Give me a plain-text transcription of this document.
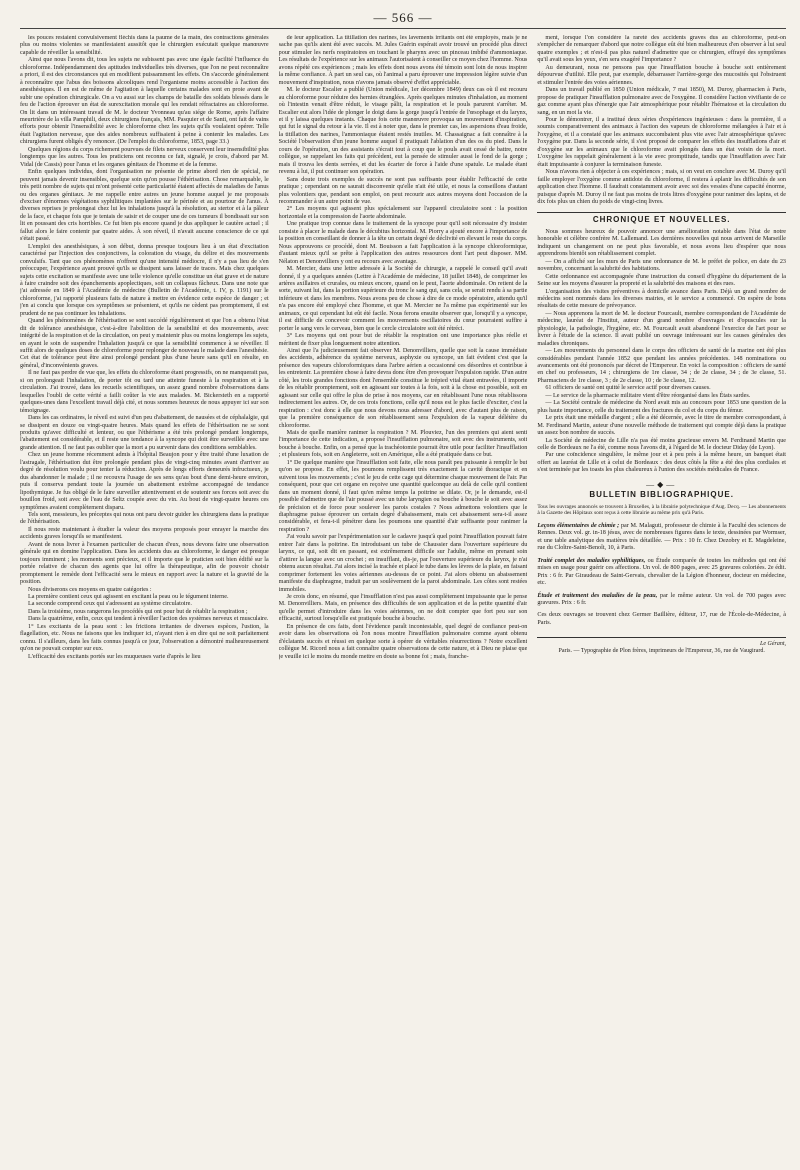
— 566 —

les pouces restaient convulsivement fléchis dans la paume de la main, des contractions générales plus ou moins violentes se manifestaient aussitôt que le chirurgien exécutait quelque manœuvre capable de réveiller la sensibilité.

Ainsi que nous l'avons dit, tous les sujets ne subissent pas avec une égale facilité l'influence du chloroforme. Indépendamment des aptitudes individuelles très diverses, que l'on ne peut reconnaître a priori, il est des circonstances qui en modifient puissamment les effets. On s'accorde généralement à reconnaître que l'abus des boissons alcooliques rend l'organisme moins accessible à l'action des anesthésiques. Il en est de même de l'agitation à laquelle certains malades sont en proie avant de subir une opération chirurgicale. On a vu aussi sur les champs de bataille des soldats blessés dans le feu de l'action éprouver un état de surexcitation morale qui les rendait réfractaires au chloroforme. On lit dans un intéressant travail de M. le docteur Yvonneau qu'au siége de Rome, après l'affaire meurtrière de la villa Pamphili, deux chirurgiens français, MM. Pasquier et de Santi, ont fait de vains efforts pour obtenir l'insensibilité avec le chloroforme chez les sujets qu'ils voulaient opérer. Telle était l'agitation nerveuse, que des aides nombreux suffisaient à peine à contenir les malades. Les chirurgiens furent obligés d'y renoncer. (De l'emploi du chloroforme, 1853, page 33.)

Quelques régions du corps richement pourvues de filets nerveux conservent leur insensibilité plus longtemps que les autres. Tous les praticiens ont reconnu ce fait, signalé, je crois, d'abord par M. Vidal (de Cassis) pour l'anus et les organes génitaux de l'homme et de la femme.

Enfin quelques individus, dont l'organisation ne présente de prime abord rien de spécial, ne peuvent jamais devenir insensibles, quelque soin qu'on pousse l'éthérisation. Chose remarquable, le très petit nombre de sujets qui m'ont présenté cette particularité étaient affectés de maladies de l'anus ou des organes génitaux. Je me rappelle entre autres un jeune homme auquel je me proposais d'exciser d'énormes végétations syphilitiques implantées sur le périnée et au pourtour de l'anus. À diverses reprises je prolongeai chez lui les inhalations jusqu'à la résolution, au stertor et à la pâleur de la face, et chaque fois que je tentais de saisir et de couper une de ces tumeurs il bondissait sur son lit en poussant des cris horribles. Ce fut bien pis encore quand je dus appliquer le cautère actuel ; il fallut alors le faire contenir par quatre aides. À son réveil, il n'avait aucune conscience de ce qui s'était passé.

L'emploi des anesthésiques, à son début, donna presque toujours lieu à un état d'excitation caractérisé par l'injection des conjonctives, la coloration du visage, du délire et des mouvements convulsifs. Tant que ces phénomènes n'offrent qu'une intensité médiocre, il n'y a pas lieu de s'en préoccuper, l'expérience ayant prouvé qu'ils se dissipent sans laisser de traces. Mais chez quelques sujets cette excitation se manifeste avec une telle violence qu'elle constitue un état grave et de nature à faire craindre soit des épanchements apoplectiques, soit un collapsus fâcheux. Dans une note que j'ai adressée en 1849 à l'Académie de médecine (Bulletin de l'Académie, t. IV, p. 1191) sur le chloroforme, j'ai rapporté plusieurs faits de nature à mettre en évidence cette espèce de danger ; et j'en ai conclu que lorsque ces symptômes se présentent, et qu'ils ne cèdent pas promptement, il est prudent de ne pas continuer les inhalations.

Quand les phénomènes de l'éthérisation se sont succédé régulièrement et que l'on a obtenu l'état dit de tolérance anesthésique, c'est-à-dire l'abolition de la sensibilité et des mouvements, avec intégrité de la respiration et de la circulation, on peut y maintenir plus ou moins longtemps les sujets, en ayant le soin de suspendre l'inhalation jusqu'à ce que la sensibilité commence à se réveiller. Il suffit alors de quelques doses de chloroforme pour replonger de nouveau le malade dans l'anesthésie. Cet état de tolérance peut être ainsi prolongé pendant plus d'une heure sans qu'il en résulte, en général, d'inconvénients graves.

Il ne faut pas perdre de vue que, les effets du chloroforme étant progressifs, on ne manquerait pas, si on prolongeait l'inhalation, de porter tôt ou tard une atteinte funeste à la respiration et à la circulation. J'ai trouvé, dans les recueils scientifiques, un assez grand nombre d'observations dans lesquelles l'oubli de cette vérité a failli coûter la vie aux malades. M. Bickersteth en a rapporté quelques-unes dans l'excellent travail déjà cité, et nous sommes heureux de nous appuyer ici sur son témoignage.

Dans les cas ordinaires, le réveil est suivi d'un peu d'abattement, de nausées et de céphalalgie, qui se dissipent en douze ou vingt-quatre heures. Mais quand les effets de l'éthérisation ne se sont produits qu'avec difficulté et lenteur, ou que l'éthérisme a été très prolongé pendant longtemps, l'abattement est considérable, et il reste une tendance à la syncope qui doit être surveillée avec une grande attention. Il ne faut pas oublier que la mort a pu survenir dans des conditions semblables.

Chez un jeune homme récemment admis à l'hôpital Beaujon pour y être traité d'une luxation de l'astragale, l'éthérisation dut être prolongée pendant plus de vingt-cinq minutes avant d'arriver au degré de résolution voulu pour tenter la réduction. Après de longs efforts demeurés infructueux, je dus abandonner le malade ; il ne recouvra l'usage de ses sens qu'au bout d'une demi-heure environ, puis il conserva pendant toute la journée un abattement extrême accompagné de tendance lipothymique. Je fus obligé de le faire surveiller attentivement et de soutenir ses forces soit avec du bouillon froid, soit avec de l'eau de Seltz coupée avec du vin. Au bout de vingt-quatre heures ces symptômes avaient complètement disparu.

Tels sont, messieurs, les préceptes qui nous ont paru devoir guider les chirurgiens dans la pratique de l'éthérisation.

Il nous reste maintenant à étudier la valeur des moyens proposés pour enrayer la marche des accidents graves lorsqu'ils se manifestent.

Avant de nous livrer à l'examen particulier de chacun d'eux, nous devons faire une observation générale qui en domine l'application. Dans les accidents dus au chloroforme, le danger est presque toujours imminent ; les moments sont précieux, et il importe que le praticien soit bien édifié sur la portée relative de chacun des agents que lui offre la thérapeutique, afin de pouvoir choisir promptement le remède dont l'efficacité sera le mieux en rapport avec la nature et la gravité de la position.

Nous diviserons ces moyens en quatre catégories :

La première contient ceux qui agissent en excitant la peau ou le tégument interne.

La seconde comprend ceux qui s'adressent au système circulatoire.

Dans la troisième, nous rangerons les procédés qui ont pour but de rétablir la respiration ;

Dans la quatrième, enfin, ceux qui tendent à réveiller l'action des systèmes nerveux et musculaire.

1° Les excitants de la peau sont : les frictions irritantes de diverses espèces, l'ustion, la flagellation, etc. Nous ne faisons que les indiquer ici, n'ayant rien à en dire qui ne soit parfaitement connu. Il s'ailleurs, dans les faits connus jusqu'à ce jour, l'observation a démontré malheureusement qu'on ne pouvait compter sur eux.

L'efficacité des excitants portés sur les muqueuses varie d'après le lieu

de leur application. La titillation des narines, les lavements irritants ont été employés, mais je ne sache pas qu'ils aient été avec succès. M. Jules Guérin espérait avoir trouvé un procédé plus direct pour stimuler les nerfs respiratoires en touchant le pharynx avec un pinceau imbibé d'ammoniaque. Les résultats de l'expérience sur les animaux l'autorisaient à conseiller ce moyen chez l'homme. Nous avons répété ces expériences ; mais les effets dont nous avons été témoin sont loin de nous inspirer la même confiance. À part un seul cas, où l'animal a paru éprouver une impression légère suivie d'un mouvement d'inspiration, nous n'avons jamais observé d'effet appréciable.

M. le docteur Escalier a publié (Union médicale, 1er décembre 1849) deux cas où il est recouru au chloroforme pour réduire des hernies étranglées. Après quelques minutes d'inhalation, au moment où l'intestin venait d'être réduit, le visage pâlit, la respiration et le pouls parurent s'arrêter. M. Escalier eut alors l'idée de plonger le doigt dans la gorge jusqu'à l'entrée de l'œsophage et du larynx, et il y laissa quelques instants. Chaque fois cette manœuvre provoqua un mouvement d'inspiration, qui fut le signal du retour à la vie. Il est à noter que, dans le premier cas, les aspersions d'eau froide, la titillation des narines, l'ammoniaque étaient restés inutiles. M. Chassaignac a fait connaître à la Société l'observation d'un jeune homme auquel il pratiquait l'ablation d'un des os du pied. Dans le cours de l'opération, un des assistants s'écrait tout à coup que le pouls avait cessé de battre, notre collègue, se rappelant les faits qui précèdent, eut la pensée de stimuler aussi le fond de la gorge ; mais il trouva les dents serrées, et dut les écarter de force à l'aide d'une spatule. Le malade étant revenu à lui, il put continuer son opération.

Sans doute trois exemples de succès ne sont pas suffisants pour établir l'efficacité de cette pratique ; cependant on ne saurait disconvenir qu'elle n'ait été utile, et nous la conseillons d'autant plus volontiers que, pendant son emploi, on peut recourir aux autres moyens dont l'occasion de la recommander à un autre point de vue.

2° Les moyens qui agissent plus spécialement sur l'appareil circulatoire sont : la position horizontale et la compression de l'aorte abdominale.

Une pratique trop connue dans le traitement de la syncope pour qu'il soit nécessaire d'y insister consiste à placer le malade dans le décubitus horizontal. M. Piorry a ajouté encore à l'importance de la position en conseillant de donner à la tête un certain degré de déclivité en élevant le reste du corps. Nous approuvons ce procédé, dont M. Bouisson a fait l'application à la syncope chloroformique, d'autant mieux qu'il se prête à l'application des autres ressources dont l'art peut disposer. MM. Nélaton et Denonvilliers y ont eu recours avec avantage.

M. Mercier, dans une lettre adressée à la Société de chirurgie, a rappelé le conseil qu'il avait donné, il y a quelques années (Lettre à l'Académie de médecine, 18 juillet 1848), de comprimer les artères axillaires et crurales, ou mieux encore, quand on le peut, l'aorte abdominale. On retient de la sorte, suivant lui, dans la portion supérieure du tronc le sang qui, sans cela, se serait rendu à sa partie inférieure et dans les membres. Nous avons peu de chose à dire de ce mode opératoire, attendu qu'il n'a pas encore été employé chez l'homme, et que M. Mercier ne l'a même pas expérimenté sur les animaux, ce qui cependant lui eût été facile. Nous ferons ensuite observer que, lorsqu'il y a syncope, il est difficile de concevoir comment les mouvements oscillatoires du cœur pourraient suffire à porter le sang vers le cerveau, bien que le cercle circulatoire soit été rétréci.

3° Les moyens qui ont pour but de rétablir la respiration ont une importance plus réelle et méritent de fixer plus longuement notre attention.

Ainsi que l'a judicieusement fait observer M. Denonvilliers, quelle que soit la cause immédiate des accidents, adhérence du système nerveux, asphyxie ou syncope, un fait évident c'est que la présence des vapeurs chloroformiques dans l'arbre aérien a occasionné ces désordres et contribue à les entretenir. La première chose à faire devra donc être d'en provoquer l'expulsion rapide. D'un autre côté, les trois grandes fonctions dont l'ensemble constitue le trépied vital étant entravées, il importe de les rétablir promptement, soit en agissant sur toutes à la fois, soit à la chose est possible, soit en agissant sur celle qui offre le plus de prise à nos moyens, car en rétablissant l'une nous rétablissons indirectement les autres. Or, de ces trois fonctions, celle qu'il nous est le plus facile d'exciter, c'est la respiration : c'est donc à elle que nous devons nous adresser d'abord, avec d'autant plus de raison, que la première conséquence de son rétablissement sera l'expulsion de la vapeur délétère du chloroforme.

Mais de quelle manière ranimer la respiration ? M. Plouviez, l'un des premiers qui aient senti l'importance de cette indication, a proposé l'insufflation pulmonaire, soit avec des instruments, soit bouche à bouche. Enfin, on a pensé que la trachéotomie pourrait être utile pour faciliter l'insufflation ; et plusieurs fois, soit en Angleterre, soit en Amérique, elle a été pratiquée dans ce but.

1° De quelque manière que l'insufflation soit faite, elle nous paraît peu puissante à remplir le but qu'on se propose. En effet, les poumons remplissent très exactement la cavité thoracique et en suivent tous les mouvements ; c'est le jeu de cette cage qui détermine chaque mouvement de l'air. Par conséquent, pour que cet organe en reçoive une quantité quelconque au delà de celle qu'il contient dans un moment donné, il faut qu'en même temps la poitrine se dilate. Or, je le demande, est-il possible d'admettre que de l'air poussé avec un tube laryngien ou bouche à bouche le soit avec assez de précision et de force pour soulever les parois costales ? Nous admettons volontiers que le diaphragme puisse éprouver un certain degré d'abaissement, mais cet abaissement sera-t-il assez considérable, et fera-t-il pénétrer dans les poumons une quantité d'air suffisante pour ranimer la respiration ?

J'ai voulu savoir par l'expérimentation sur le cadavre jusqu'à quel point l'insufflation pouvait faire entrer l'air dans la poitrine. En introduisant un tube de Chaussier dans l'ouverture supérieure du larynx, ce qui, soit dit en passant, est extrêmement difficile sur l'adulte, même en prenant soin d'attirer la langue avec un crochet ; en insufflant, dis-je, par l'ouverture supérieure du larynx, je n'ai obtenu aucun résultat. J'ai alors incisé la trachée et placé le tube dans les lèvres de la plaie, en faisant comprimer fortement les voies aériennes au-dessus de ce point. J'ai alors obtenu un abaissement manifeste du diaphragme, traduit par un soulèvement de la paroi abdominale. Les côtes sont restées immobiles.

Je crois donc, en résumé, que l'insufflation n'est pas aussi complètement impuissante que le pense M. Denonvilliers. Mais, en présence des difficultés de son application et de la petite quantité d'air qu'elle permet d'introduire dans les voies aériennes, on ne doit compter que fort peu sur son efficacité, surtout lorsqu'elle est pratiquée bouche à bouche.

En présence de ces faits, dont l'évidence paraît incontestable, quel degré de confiance peut-on avoir dans les observations où l'on nous montre l'insufflation pulmonaire comme ayant obtenu d'éclatants succès et réussi en quelque sorte à opérer de véritables résurrections ? Notre excellent collègue M. Ricord nous a fait connaître quatre observations de cette nature, et à Dieu ne plaise que je veuille ici le moins du monde mettre en doute sa bonne foi ; mais, franche-

ment, lorsque l'on considère la rareté des accidents graves dus au chloroforme, peut-on s'empêcher de remarquer d'abord que notre collègue eût été bien malheureux d'en observer à lui seul quatre exemples ; et n'est-il pas plus naturel d'admettre que ce chirurgien, effrayé des symptômes qu'il avait sous les yeux, s'en sera exagéré l'importance ?

Au demeurant, nous ne pensons pas que l'insufflation bouche à bouche soit entièrement dépourvue d'utilité. Elle peut, par exemple, débarrasser l'arrière-gorge des mucosités qui l'obstruent et stimuler l'entrée des voies aériennes.

Dans un travail publié en 1850 (Union médicale, 7 mai 1850), M. Duroy, pharmacien à Paris, propose de pratiquer l'insufflation pulmonaire avec de l'oxygène. Il considère l'action vivifiante de ce gaz comme ayant plus d'énergie que l'air atmosphérique pour rétablir l'hématose et la circulation du sang, en un mot la vie.

Pour le démontrer, il a institué deux séries d'expériences ingénieuses : dans la première, il a soumis comparativement des animaux à l'action des vapeurs de chloroforme mélangées à l'air et à l'oxygène, et il a constaté que les animaux succombaient plus vite avec l'air atmosphérique qu'avec l'oxygène pur. Dans la seconde série, il s'est proposé de comparer les effets des insufflations d'air et d'oxygène sur les animaux que le chloroforme avait plongés dans un état voisin de la mort. L'oxygène les rappelait généralement à la vie avec promptitude, tandis que l'insufflation avec l'air était impuissante à conjurer la terminaison funeste.

Nous n'avons rien à objecter à ces expériences ; mais, si on veut en conclure avec M. Duroy qu'il faille employer l'oxygène comme antidote du chloroforme, il restera à aplanir les difficultés de son application chez l'homme. Il faudrait constamment avoir avec soi des vessies d'une capacité énorme, puisque d'après M. Duroy il ne faut pas moins de trois litres d'oxygène pour ranimer des lapins, et de dix fois plus un chien du poids de vingt-cinq livres.

CHRONIQUE ET NOUVELLES.

Nous sommes heureux de pouvoir annoncer une amélioration notable dans l'état de notre honorable et célèbre confrère M. Lallemand. Les dernières nouvelles qui nous arrivent de Marseille indiquent un changement on ne peut plus favorable, et nous avons lieu d'espérer que nous apprendrons bientôt son rétablissement complet.

— On a affiché sur les murs de Paris une ordonnance de M. le préfet de police, en date du 23 novembre, concernant la salubrité des habitations.

Cette ordonnance est accompagnée d'une instruction du conseil d'hygiène du département de la Seine sur les moyens d'assurer la propreté et la salubrité des maisons et des rues.

L'organisation des visites préventives à domicile avance dans Paris. Déjà un grand nombre de médecins sont nommés dans les diverses mairies, et le service a commencé. On espère de bons résultats de cette mesure de prévoyance.

— Nous apprenons la mort de M. le docteur Fourcault, membre correspondant de l'Académie de médecine, lauréat de l'Institut, auteur d'un grand nombre d'ouvrages et d'opuscules sur la physiologie, la pathologie, l'hygiène, etc. M. Fourcault avait abandonné l'exercice de l'art pour se livrer à l'étude de la science. Il avait publié un ouvrage intéressant sur les causes générales des maladies chroniques.

— Les mouvements du personnel dans le corps des officiers de santé de la marine ont été plus considérables pendant l'année 1852 que pendant les années précédentes. 148 nominations ou avancements ont été prononcés par décret de l'Empereur. En voici la composition : officiers de santé en chef ou professeurs, 14 ; chirurgiens de 1re classe, 34 ; de 2e classe, 34 ; de 3e classe, 51. Pharmaciens de 1re classe, 3 ; de 2e classe, 10 ; de 3e classe, 12.

61 officiers de santé ont quitté le service actif pour diverses causes.

— Le service de la pharmacie militaire vient d'être réorganisé dans les États sardes.

— La Société centrale de médecine du Nord avait mis au concours pour 1853 une question de la plus haute importance, celle du traitement des fractures du col et du corps du fémur.

Le prix était une médaille d'argent ; elle a été décernée, avec le titre de membre correspondant, à M. Ferdinand Martin, auteur d'une nouvelle méthode de traitement qui compte déjà dans la pratique un assez bon nombre de succès.

La Société de médecine de Lille n'a pas été moins gracieuse envers M. Ferdinand Martin que celle de Bordeaux ne l'a été, comme nous l'avons dit, à l'égard de M. le docteur Diday (de Lyon).

Par une coïncidence singulière, le même jour et à peu près à la même heure, un banquet était offert au lauréat de Lille et à celui de Bordeaux : des deux côtés la fête a été des plus cordiales et s'est terminée par les toasts les plus chaleureux à l'union des sociétés médicales de France.

—◆—
BULLETIN BIBLIOGRAPHIQUE.

Tous les ouvrages annoncés se trouvent à Bruxelles, à la librairie polytechnique d'Aug. Decq. — Les abonnements à la Gazette des Hôpitaux sont reçus à cette librairie au même prix qu'à Paris.

Leçons élémentaires de chimie ; par M. Malaguti, professeur de chimie à la Faculté des sciences de Rennes. Deux vol. gr. in-18 jésus, avec de nombreuses figures dans le texte, dessinées par Wormser, et une table analytique des matières très détaillée. — Prix : 10 fr. Chez Dezobry et E. Magdeleine, rue du Cloître-Saint-Benoît, 10, à Paris.

Traité complet des maladies syphilitiques, ou Étude comparée de toutes les méthodes qui ont été mises en usage pour guérir ces affections. Un vol. de 800 pages, avec 25 gravures coloriées. 2e édit. Prix : 6 fr. Par Giraudeau de Saint-Gervais, chevalier de la Légion d'honneur, docteur en médecine, etc.

Étude et traitement des maladies de la peau, par le même auteur. Un vol. de 700 pages avec gravures. Prix : 6 fr.

Ces deux ouvrages se trouvent chez Germer Baillière, éditeur, 17, rue de l'École-de-Médecine, à Paris.

Le Gérant,
Paris. — Typographie de Plon frères, imprimeurs de l'Empereur, 36, rue de Vaugirard.
